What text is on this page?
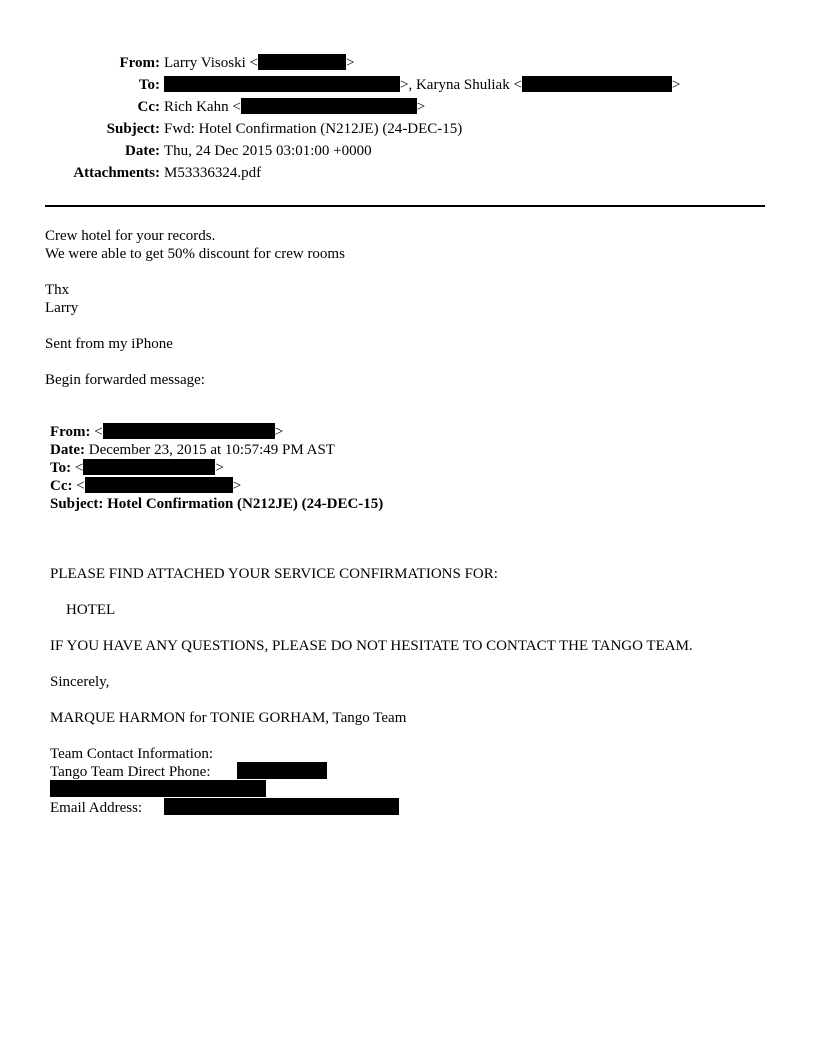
From: Larry Visoski <	>
To:	>, Karyna Shuliak <	>
Cc: Rich Kahn <	>
Subject: Fwd: Hotel Confirmation (N212JE) (24-DEC-15)
Date: Thu, 24 Dec 2015 03:01:00 +0000
Attachments: M53336324.pdf
Crew hotel for your records.
We were able to get 50% discount for crew rooms
Thx
Larry
Sent from my iPhone
Begin forwarded message:
From: <	>
Date: December 23, 2015 at 10:57:49 PM AST
To: <	>
Cc: <	>
Subject: Hotel Confirmation (N212JE) (24-DEC-15)
PLEASE FIND ATTACHED YOUR SERVICE CONFIRMATIONS FOR:
HOTEL
IF YOU HAVE ANY QUESTIONS, PLEASE DO NOT HESITATE TO CONTACT THE TANGO TEAM.
Sincerely,
MARQUE HARMON for TONIE GORHAM, Tango Team
Team Contact Information:
Tango Team Direct Phone:
Email Address:
